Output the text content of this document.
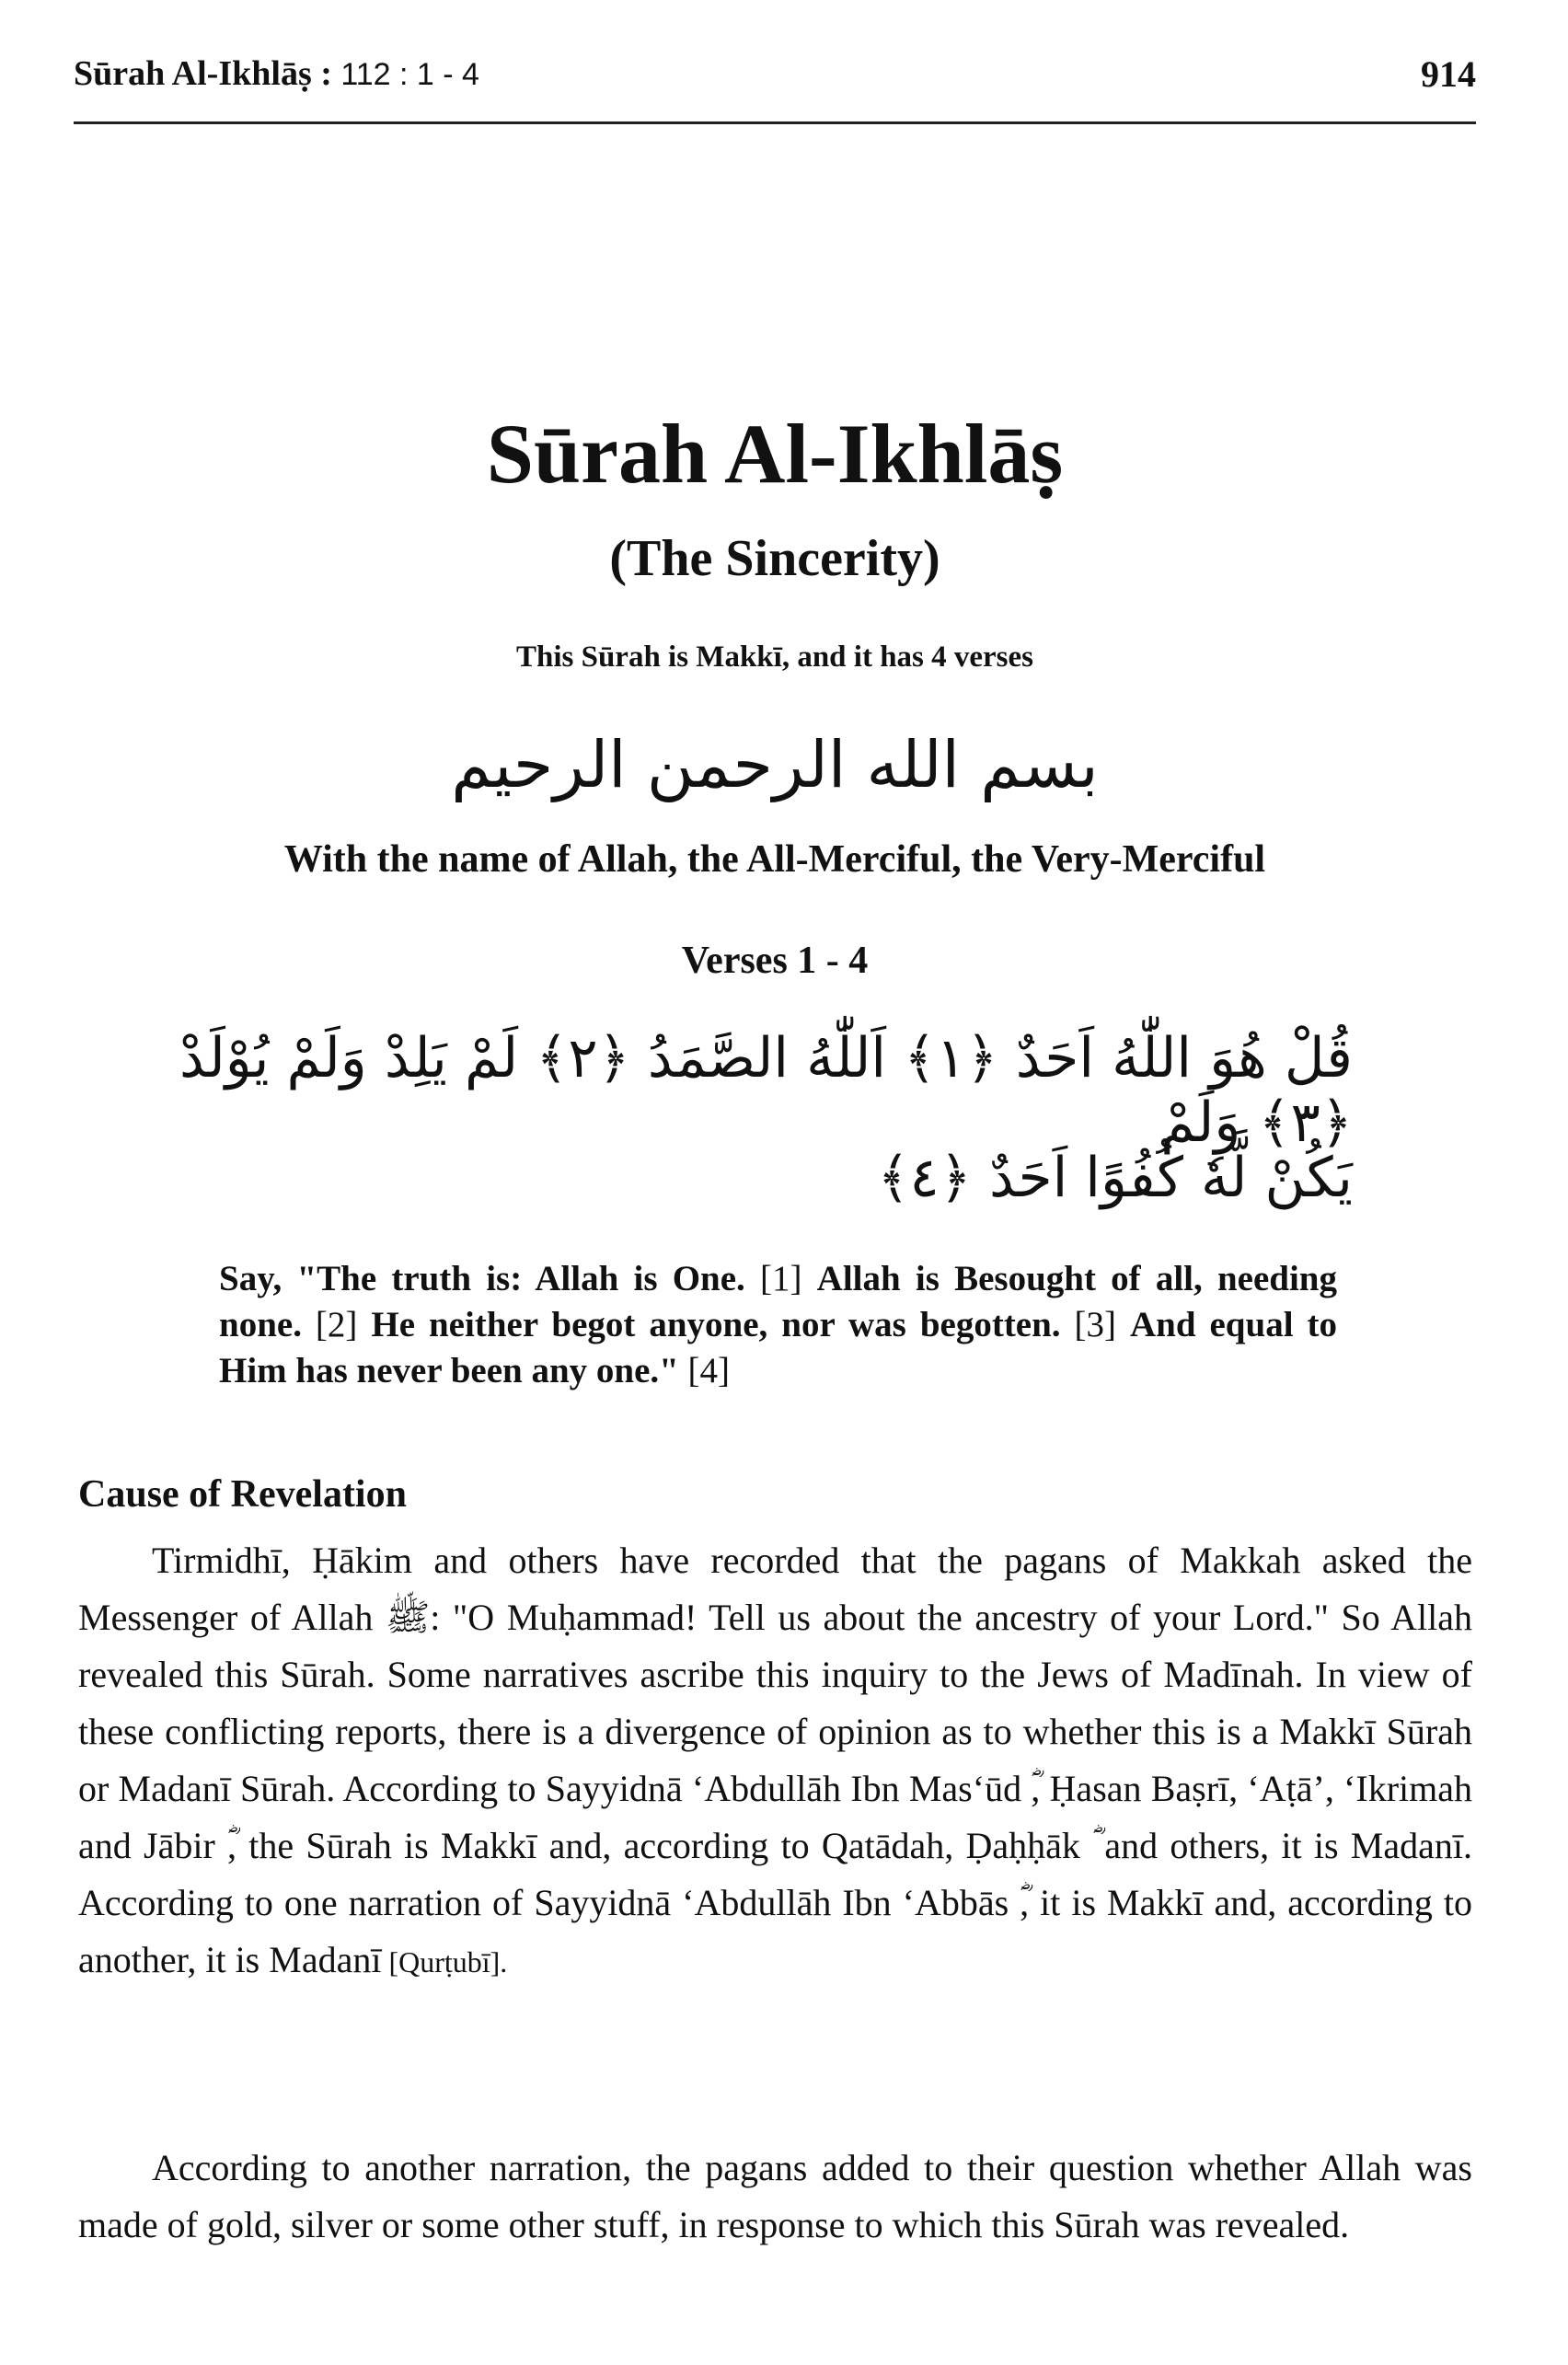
Sūrah Al-Ikhlāṣ : 112 : 1 - 4	914
Sūrah Al-Ikhlāṣ
(The Sincerity)
This Sūrah is Makkī, and it has 4 verses
بسم الله الرحمن الرحيم
With the name of Allah, the All-Merciful, the Very-Merciful
Verses 1 - 4
قُلْ هُوَ اللّٰهُ اَحَدٌ ﴿١﴾ اَللّٰهُ الصَّمَدُ ﴿٢﴾ لَمْ يَلِدْ وَلَمْ يُوْلَدْ ﴿٣﴾ وَلَمْ
يَكُنْ لَّهٗ كُفُوًا اَحَدٌ ﴿٤﴾
Say, "The truth is: Allah is One. [1] Allah is Besought of all, needing none. [2] He neither begot anyone, nor was begotten. [3] And equal to Him has never been any one." [4]
Cause of Revelation
Tirmidhī, Ḥākim and others have recorded that the pagans of Makkah asked the Messenger of Allah ﷺ: "O Muḥammad! Tell us about the ancestry of your Lord." So Allah revealed this Sūrah. Some narratives ascribe this inquiry to the Jews of Madīnah. In view of these conflicting reports, there is a divergence of opinion as to whether this is a Makkī Sūrah or Madanī Sūrah. According to Sayyidnā ‘Abdullāh Ibn Mas‘ūd ؓ, Ḥasan Baṣrī, ‘Aṭā’, ‘Ikrimah and Jābir ؓ, the Sūrah is Makkī and, according to Qatādah, Ḍaḥḥāk ؓ and others, it is Madanī. According to one narration of Sayyidnā ‘Abdullāh Ibn ‘Abbās ؓ, it is Makkī and, according to another, it is Madanī [Qurṭubī].
According to another narration, the pagans added to their question whether Allah was made of gold, silver or some other stuff, in response to which this Sūrah was revealed.
